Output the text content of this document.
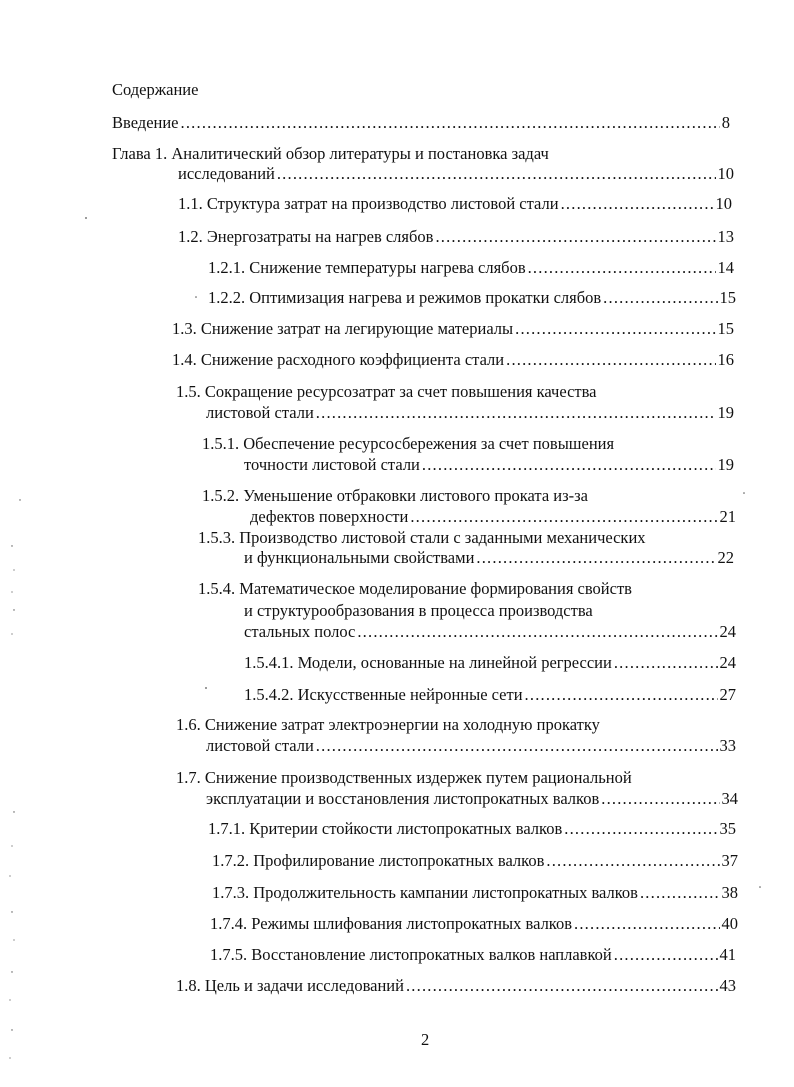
Содержание
Введение .....	8
Глава 1. Аналитический обзор литературы и постановка задач
исследований .....	10
1.1. Структура затрат на производство листовой стали .....	10
1.2. Энергозатраты на нагрев слябов .....	13
1.2.1. Снижение температуры нагрева слябов .....	14
1.2.2. Оптимизация нагрева и режимов прокатки слябов .....	15
1.3. Снижение затрат на легирующие материалы .....	15
1.4. Снижение расходного коэффициента стали .....	16
1.5. Сокращение ресурсозатрат за счет повышения качества
листовой стали .....	19
1.5.1. Обеспечение ресурсосбережения за счет повышения
точности листовой стали .....	19
1.5.2. Уменьшение отбраковки листового проката из-за
дефектов поверхности .....	21
1.5.3. Производство листовой стали с заданными механических
и функциональными свойствами .....	22
1.5.4. Математическое моделирование формирования свойств
и структурообразования в процесса производства
стальных полос .....	24
1.5.4.1. Модели, основанные на линейной регрессии .....	24
1.5.4.2. Искусственные нейронные сети .....	27
1.6. Снижение затрат электроэнергии на холодную прокатку
листовой стали .....	33
1.7. Снижение производственных издержек путем рациональной
эксплуатации и восстановления листопрокатных валков .....	34
1.7.1. Критерии стойкости листопрокатных валков .....	35
1.7.2. Профилирование листопрокатных валков .....	37
1.7.3. Продолжительность кампании листопрокатных валков .....	38
1.7.4. Режимы шлифования листопрокатных валков .....	40
1.7.5. Восстановление листопрокатных валков наплавкой .....	41
1.8. Цель и задачи исследований .....	43
2
